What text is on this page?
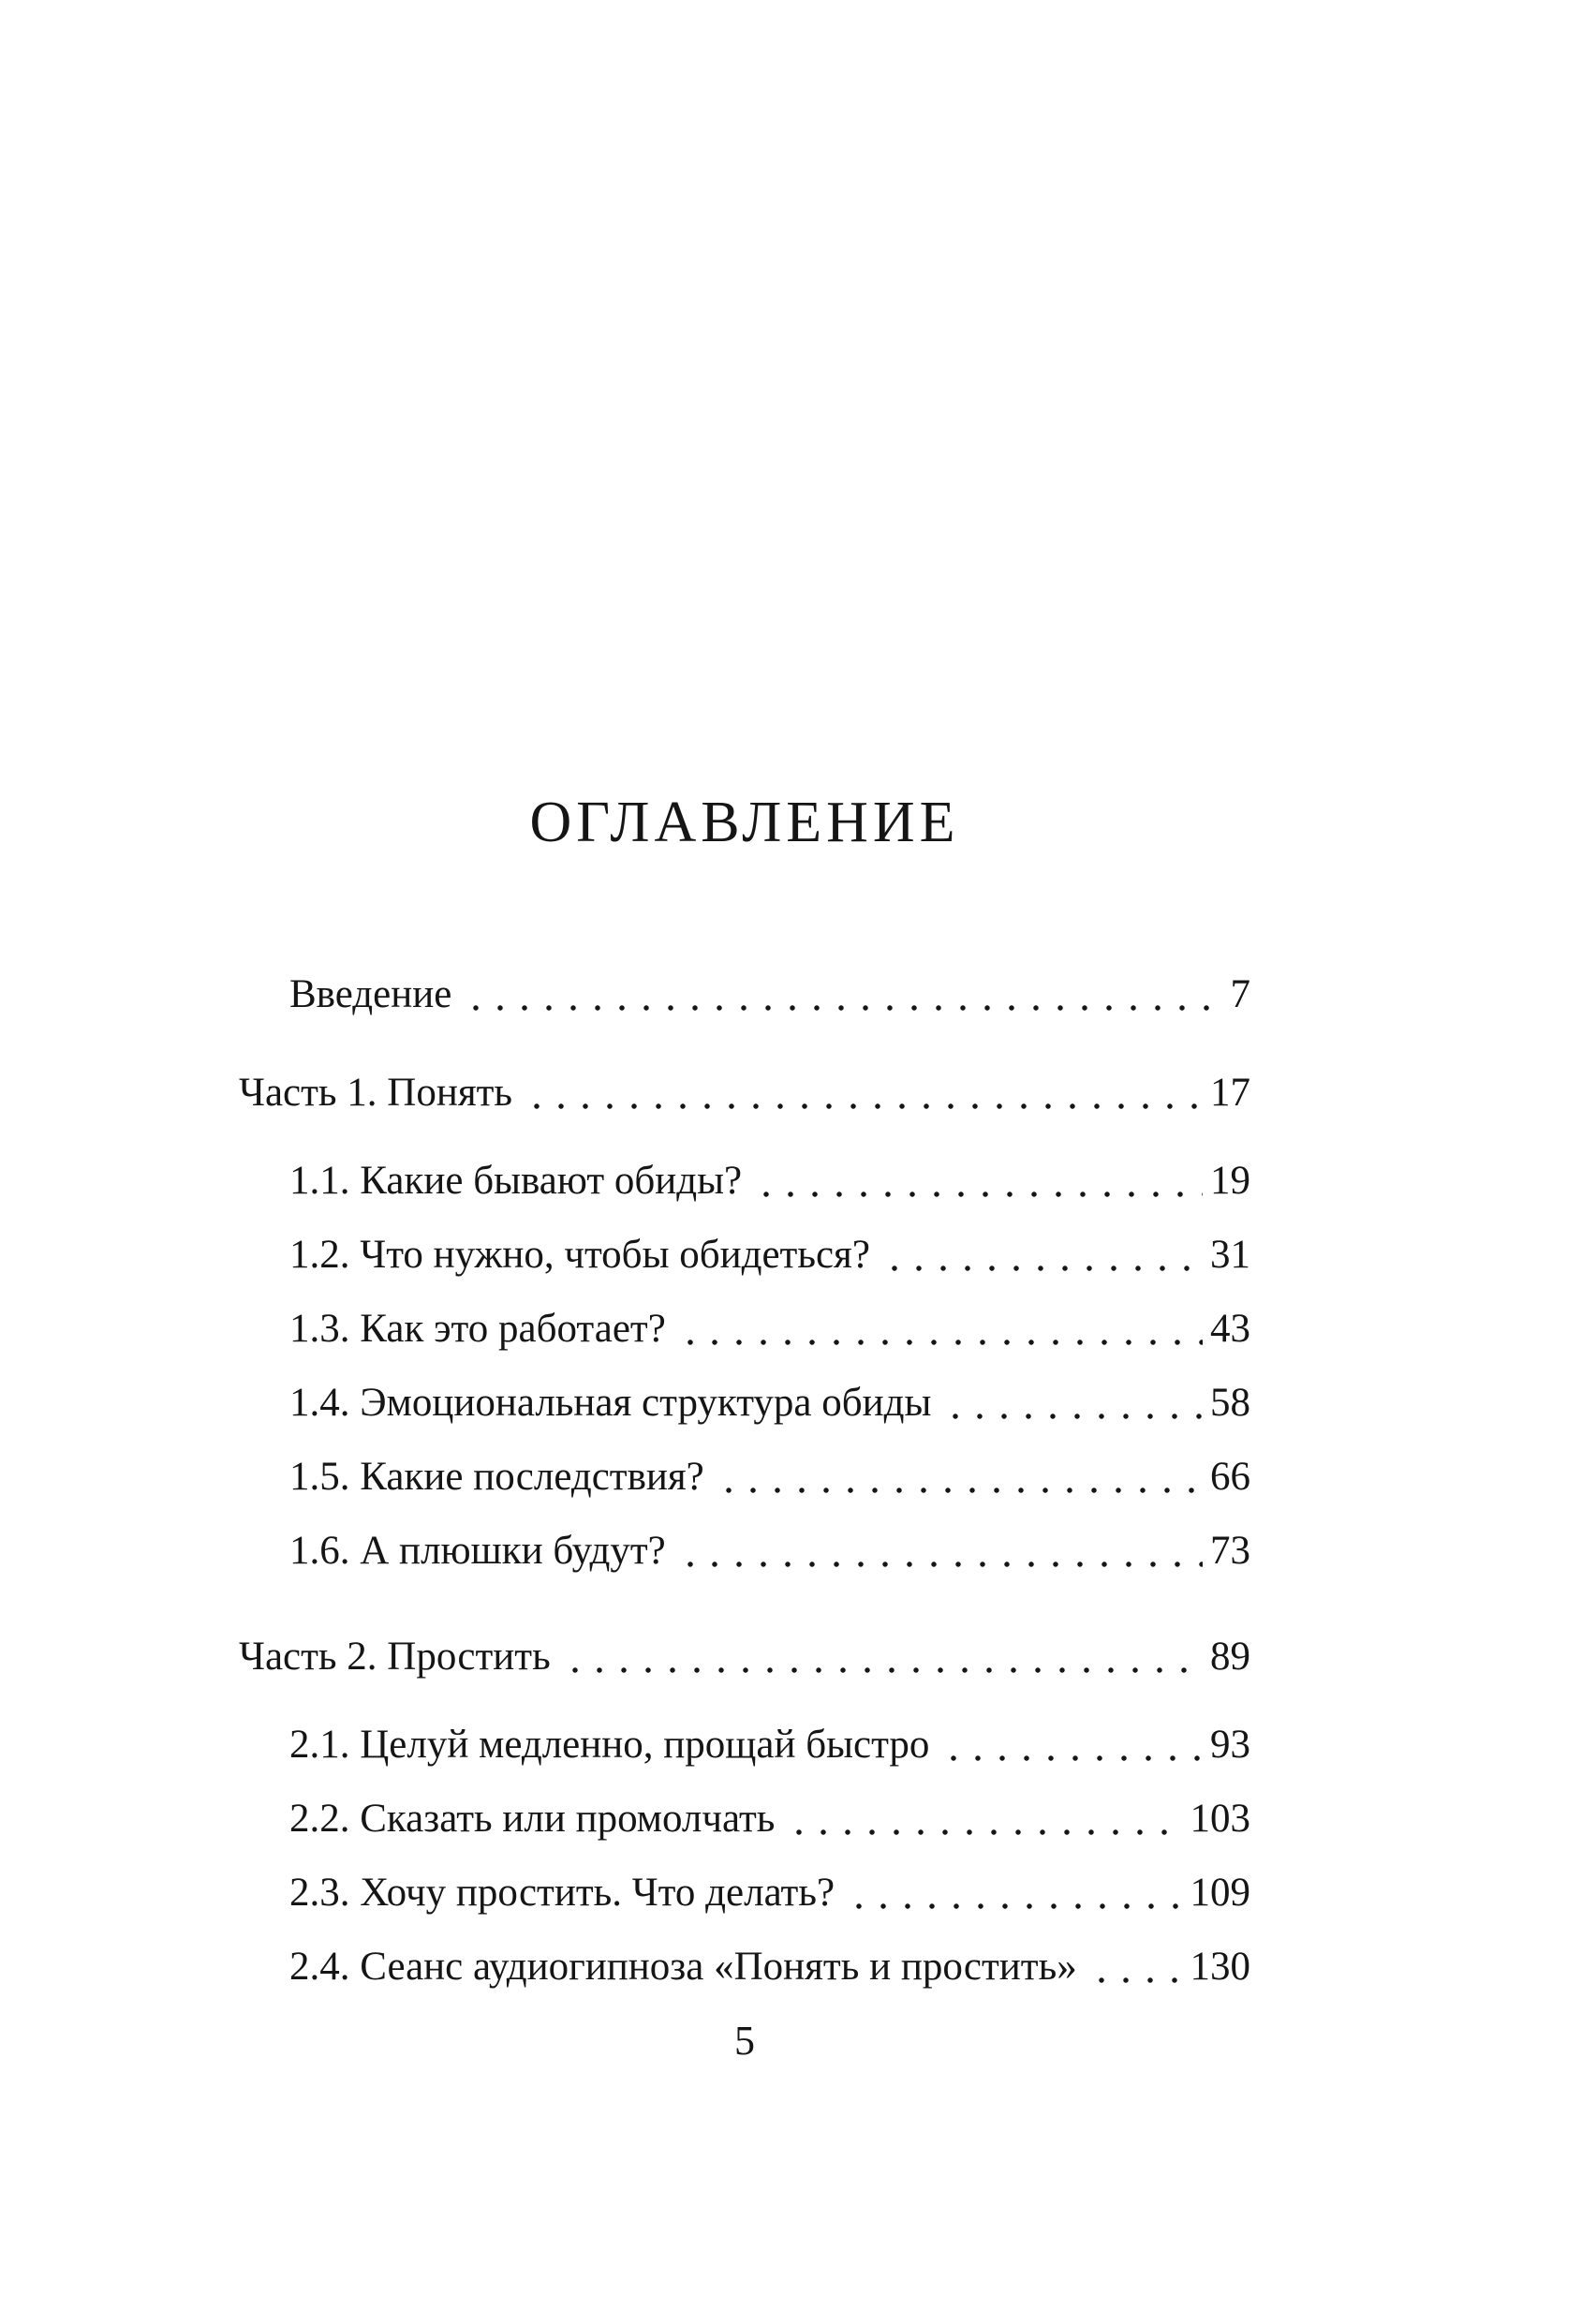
ОГЛАВЛЕНИЕ
Введение	7
Часть 1. Понять	17
1.1. Какие бывают обиды?	19
1.2. Что нужно, чтобы обидеться?	31
1.3. Как это работает?	43
1.4. Эмоциональная структура обиды	58
1.5. Какие последствия?	66
1.6. А плюшки будут?	73
Часть 2. Простить	89
2.1. Целуй медленно, прощай быстро	93
2.2. Сказать или промолчать	103
2.3. Хочу простить. Что делать?	109
2.4. Сеанс аудиогипноза «Понять и простить»	130
5
